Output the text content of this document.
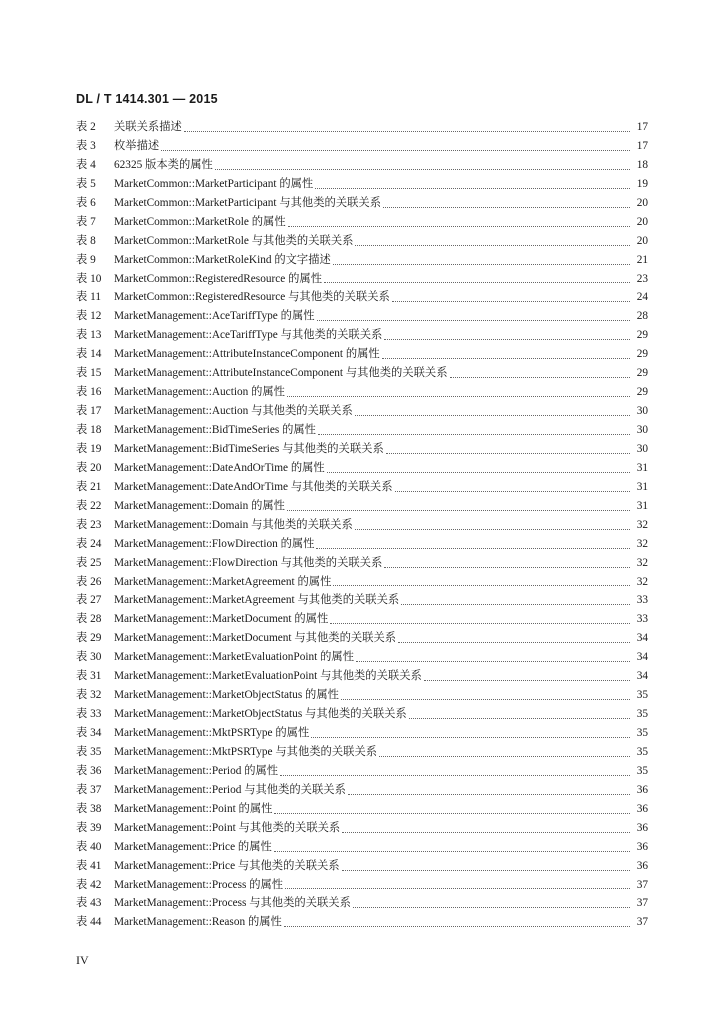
DL / T 1414.301 — 2015
表 2	关联关系描述	17
表 3	枚举描述	17
表 4	62325 版本类的属性	18
表 5	MarketCommon::MarketParticipant 的属性	19
表 6	MarketCommon::MarketParticipant 与其他类的关联关系	20
表 7	MarketCommon::MarketRole 的属性	20
表 8	MarketCommon::MarketRole 与其他类的关联关系	20
表 9	MarketCommon::MarketRoleKind 的文字描述	21
表 10	MarketCommon::RegisteredResource 的属性	23
表 11	MarketCommon::RegisteredResource 与其他类的关联关系	24
表 12	MarketManagement::AceTariffType 的属性	28
表 13	MarketManagement::AceTariffType 与其他类的关联关系	29
表 14	MarketManagement::AttributeInstanceComponent 的属性	29
表 15	MarketManagement::AttributeInstanceComponent 与其他类的关联关系	29
表 16	MarketManagement::Auction 的属性	29
表 17	MarketManagement::Auction 与其他类的关联关系	30
表 18	MarketManagement::BidTimeSeries 的属性	30
表 19	MarketManagement::BidTimeSeries 与其他类的关联关系	30
表 20	MarketManagement::DateAndOrTime 的属性	31
表 21	MarketManagement::DateAndOrTime 与其他类的关联关系	31
表 22	MarketManagement::Domain 的属性	31
表 23	MarketManagement::Domain 与其他类的关联关系	32
表 24	MarketManagement::FlowDirection 的属性	32
表 25	MarketManagement::FlowDirection 与其他类的关联关系	32
表 26	MarketManagement::MarketAgreement 的属性	32
表 27	MarketManagement::MarketAgreement 与其他类的关联关系	33
表 28	MarketManagement::MarketDocument 的属性	33
表 29	MarketManagement::MarketDocument 与其他类的关联关系	34
表 30	MarketManagement::MarketEvaluationPoint 的属性	34
表 31	MarketManagement::MarketEvaluationPoint 与其他类的关联关系	34
表 32	MarketManagement::MarketObjectStatus 的属性	35
表 33	MarketManagement::MarketObjectStatus 与其他类的关联关系	35
表 34	MarketManagement::MktPSRType 的属性	35
表 35	MarketManagement::MktPSRType 与其他类的关联关系	35
表 36	MarketManagement::Period 的属性	35
表 37	MarketManagement::Period 与其他类的关联关系	36
表 38	MarketManagement::Point 的属性	36
表 39	MarketManagement::Point 与其他类的关联关系	36
表 40	MarketManagement::Price 的属性	36
表 41	MarketManagement::Price 与其他类的关联关系	36
表 42	MarketManagement::Process 的属性	37
表 43	MarketManagement::Process 与其他类的关联关系	37
表 44	MarketManagement::Reason 的属性	37
IV
